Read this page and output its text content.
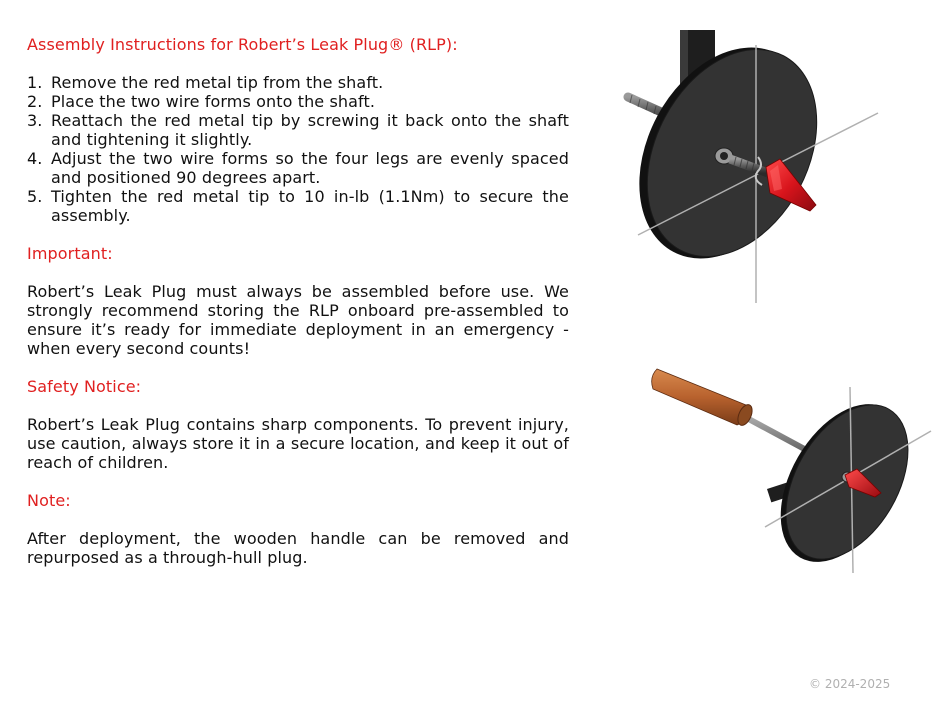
Assembly Instructions for Robert’s Leak Plug® (RLP):
1. Remove the red metal tip from the shaft.
2. Place the two wire forms onto the shaft.
3. Reattach the red metal tip by screwing it back onto the shaft and tightening it slightly.
4. Adjust the two wire forms so the four legs are evenly spaced and positioned 90 degrees apart.
5. Tighten the red metal tip to 10 in-lb (1.1Nm) to secure the assembly.
Important:

Robert’s Leak Plug must always be assembled before use. We strongly recommend storing the RLP onboard pre-assembled to ensure it’s ready for immediate deployment in an emergency - when every second counts!

Safety Notice:

Robert’s Leak Plug contains sharp components. To prevent injury, use caution, always store it in a secure location, and keep it out of reach of children.

Note:

After deployment, the wooden handle can be removed and repurposed as a through-hull plug.

© 2024-2025
